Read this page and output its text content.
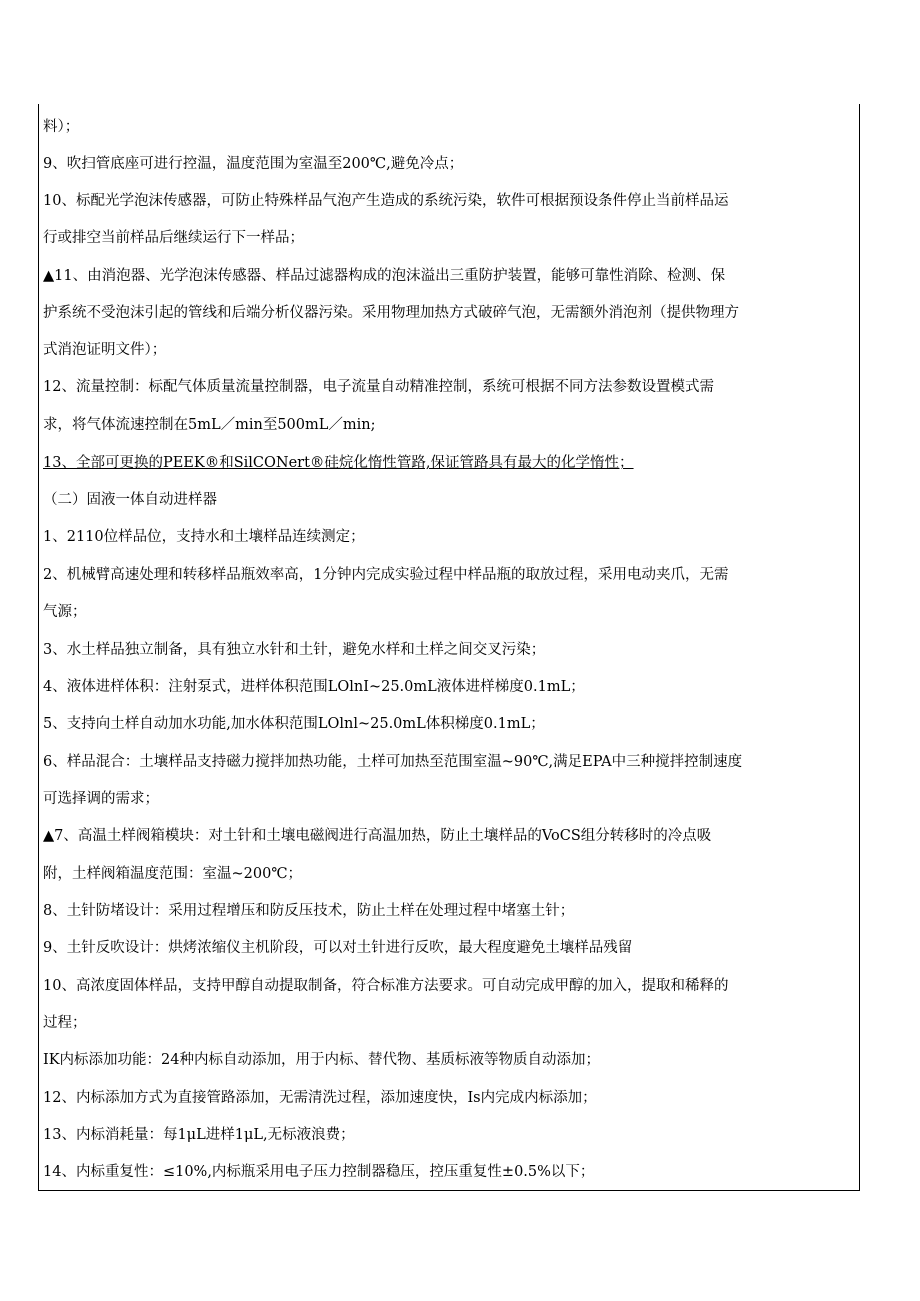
料）；
9、吹扫管底座可进行控温，温度范围为室温至200℃,避免冷点；
10、标配光学泡沫传感器，可防止特殊样品气泡产生造成的系统污染，软件可根据预设条件停止当前样品运
行或排空当前样品后继续运行下一样品；
▲11、由消泡器、光学泡沫传感器、样品过滤器构成的泡沫溢出三重防护装置，能够可靠性消除、检测、保
护系统不受泡沫引起的管线和后端分析仪器污染。采用物理加热方式破碎气泡，无需额外消泡剂（提供物理方
式消泡证明文件）；
12、流量控制：标配气体质量流量控制器，电子流量自动精准控制，系统可根据不同方法参数设置模式需
求，将气体流速控制在5mL／min至500mL／min;
13、全部可更换的PEEK®和SilCONert®硅烷化惰性管路,保证管路具有最大的化学惰性；
（二）固液一体自动进样器
1、2110位样品位，支持水和土壤样品连续测定；
2、机械臂高速处理和转移样品瓶效率高，1分钟内完成实验过程中样品瓶的取放过程，采用电动夹爪，无需
气源；
3、水土样品独立制备，具有独立水针和土针，避免水样和土样之间交叉污染；
4、液体进样体积：注射泵式，进样体积范围LOlnI~25.0mL液体进样梯度0.1mL；
5、支持向土样自动加水功能,加水体积范围LOlnl~25.0mL体积梯度0.1mL；
6、样品混合：土壤样品支持磁力搅拌加热功能，土样可加热至范围室温~90℃,满足EPA中三种搅拌控制速度
可选择调的需求；
▲7、高温土样阀箱模块：对土针和土壤电磁阀进行高温加热，防止土壤样品的VoCS组分转移时的冷点吸
附，土样阀箱温度范围：室温~200℃；
8、土针防堵设计：采用过程增压和防反压技术，防止土样在处理过程中堵塞土针；
9、土针反吹设计：烘烤浓缩仪主机阶段，可以对土针进行反吹，最大程度避免土壤样品残留
10、高浓度固体样品，支持甲醇自动提取制备，符合标准方法要求。可自动完成甲醇的加入，提取和稀释的
过程；
IK内标添加功能：24种内标自动添加，用于内标、替代物、基质标液等物质自动添加；
12、内标添加方式为直接管路添加，无需清洗过程，添加速度快，Is内完成内标添加；
13、内标消耗量：每1μL进样1μL,无标液浪费；
14、内标重复性：≤10%,内标瓶采用电子压力控制器稳压，控压重复性±0.5%以下；
